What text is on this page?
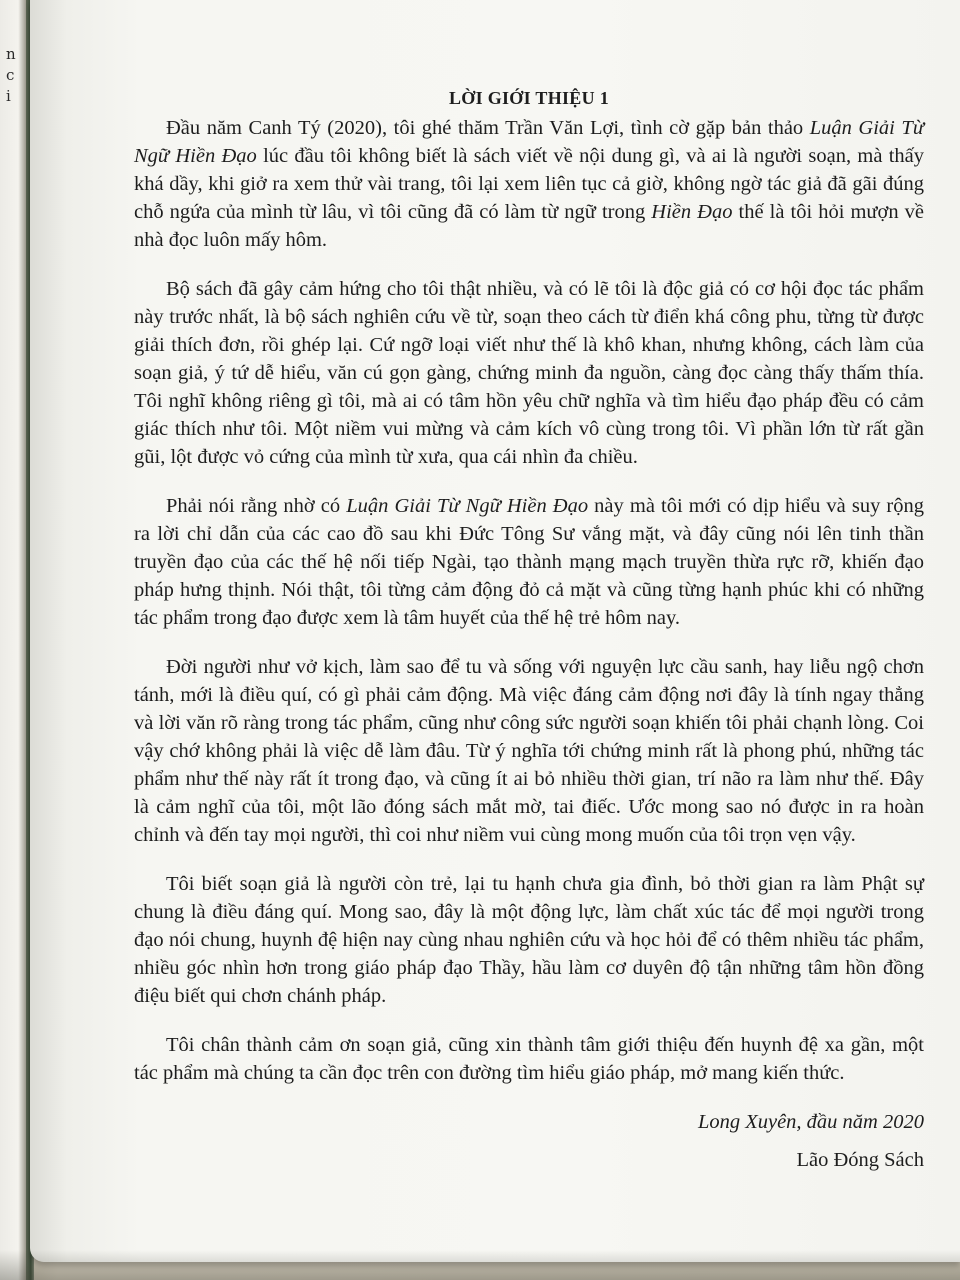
n
c
i	LỜI GIỚI THIỆU 1

Đầu năm Canh Tý (2020), tôi ghé thăm Trần Văn Lợi, tình cờ gặp bản thảo Luận Giải Từ Ngữ Hiền Đạo lúc đầu tôi không biết là sách viết về nội dung gì, và ai là người soạn, mà thấy khá dầy, khi giở ra xem thử vài trang, tôi lại xem liên tục cả giờ, không ngờ tác giả đã gãi đúng chỗ ngứa của mình từ lâu, vì tôi cũng đã có làm từ ngữ trong Hiền Đạo thế là tôi hỏi mượn về nhà đọc luôn mấy hôm.

Bộ sách đã gây cảm hứng cho tôi thật nhiều, và có lẽ tôi là độc giả có cơ hội đọc tác phẩm này trước nhất, là bộ sách nghiên cứu về từ, soạn theo cách từ điển khá công phu, từng từ được giải thích đơn, rồi ghép lại. Cứ ngỡ loại viết như thế là khô khan, nhưng không, cách làm của soạn giả, ý tứ dễ hiểu, văn cú gọn gàng, chứng minh đa nguồn, càng đọc càng thấy thấm thía. Tôi nghĩ không riêng gì tôi, mà ai có tâm hồn yêu chữ nghĩa và tìm hiểu đạo pháp đều có cảm giác thích như tôi. Một niềm vui mừng và cảm kích vô cùng trong tôi. Vì phần lớn từ rất gần gũi, lột được vỏ cứng của mình từ xưa, qua cái nhìn đa chiều.

Phải nói rằng nhờ có Luận Giải Từ Ngữ Hiền Đạo này mà tôi mới có dịp hiểu và suy rộng ra lời chỉ dẫn của các cao đồ sau khi Đức Tông Sư vắng mặt, và đây cũng nói lên tinh thần truyền đạo của các thế hệ nối tiếp Ngài, tạo thành mạng mạch truyền thừa rực rỡ, khiến đạo pháp hưng thịnh. Nói thật, tôi từng cảm động đỏ cả mặt và cũng từng hạnh phúc khi có những tác phẩm trong đạo được xem là tâm huyết của thế hệ trẻ hôm nay.

Đời người như vở kịch, làm sao để tu và sống với nguyện lực cầu sanh, hay liễu ngộ chơn tánh, mới là điều quí, có gì phải cảm động. Mà việc đáng cảm động nơi đây là tính ngay thẳng và lời văn rõ ràng trong tác phẩm, cũng như công sức người soạn khiến tôi phải chạnh lòng. Coi vậy chớ không phải là việc dễ làm đâu. Từ ý nghĩa tới chứng minh rất là phong phú, những tác phẩm như thế này rất ít trong đạo, và cũng ít ai bỏ nhiều thời gian, trí não ra làm như thế. Đây là cảm nghĩ của tôi, một lão đóng sách mắt mờ, tai điếc. Ước mong sao nó được in ra hoàn chỉnh và đến tay mọi người, thì coi như niềm vui cùng mong muốn của tôi trọn vẹn vậy.

Tôi biết soạn giả là người còn trẻ, lại tu hạnh chưa gia đình, bỏ thời gian ra làm Phật sự chung là điều đáng quí. Mong sao, đây là một động lực, làm chất xúc tác để mọi người trong đạo nói chung, huynh đệ hiện nay cùng nhau nghiên cứu và học hỏi để có thêm nhiều tác phẩm, nhiều góc nhìn hơn trong giáo pháp đạo Thầy, hầu làm cơ duyên độ tận những tâm hồn đồng điệu biết qui chơn chánh pháp.

Tôi chân thành cảm ơn soạn giả, cũng xin thành tâm giới thiệu đến huynh đệ xa gần, một tác phẩm mà chúng ta cần đọc trên con đường tìm hiểu giáo pháp, mở mang kiến thức.

Long Xuyên, đầu năm 2020
Lão Đóng Sách
